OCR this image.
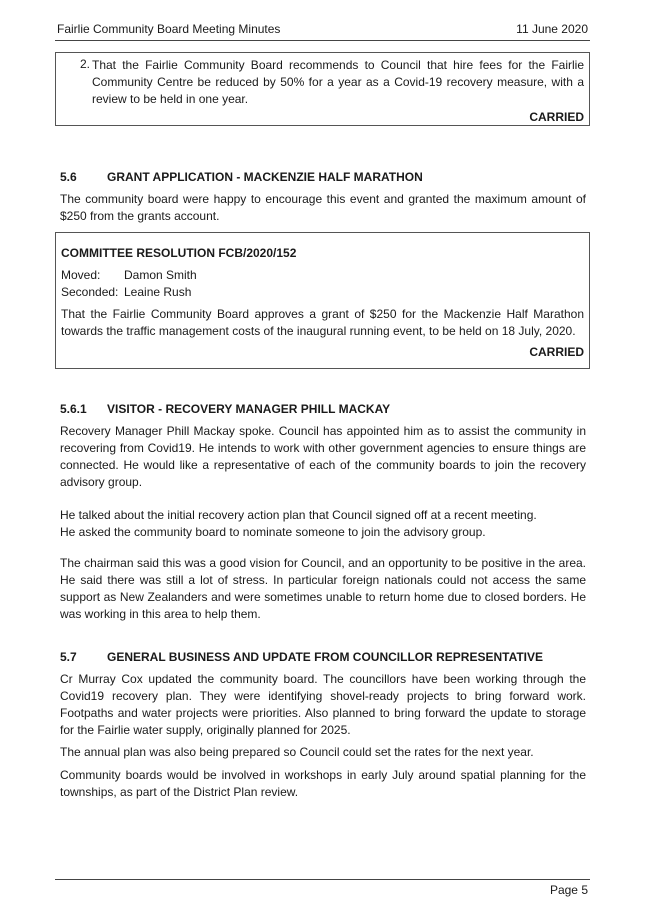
Fairlie Community Board Meeting Minutes	11 June 2020
2. That the Fairlie Community Board recommends to Council that hire fees for the Fairlie Community Centre be reduced by 50% for a year as a Covid-19 recovery measure, with a review to be held in one year.

CARRIED

5.6	GRANT APPLICATION - MACKENZIE HALF MARATHON

The community board were happy to encourage this event and granted the maximum amount of $250 from the grants account.

COMMITTEE RESOLUTION FCB/2020/152

Moved:	Damon Smith
Seconded: Leaine Rush

That the Fairlie Community Board approves a grant of $250 for the Mackenzie Half Marathon towards the traffic management costs of the inaugural running event, to be held on 18 July, 2020.

CARRIED

5.6.1 VISITOR - RECOVERY MANAGER PHILL MACKAY

Recovery Manager Phill Mackay spoke. Council has appointed him as to assist the community in recovering from Covid19. He intends to work with other government agencies to ensure things are connected. He would like a representative of each of the community boards to join the recovery advisory group.

He talked about the initial recovery action plan that Council signed off at a recent meeting.

He asked the community board to nominate someone to join the advisory group.

The chairman said this was a good vision for Council, and an opportunity to be positive in the area. He said there was still a lot of stress. In particular foreign nationals could not access the same support as New Zealanders and were sometimes unable to return home due to closed borders. He was working in this area to help them.

5.7	GENERAL BUSINESS AND UPDATE FROM COUNCILLOR REPRESENTATIVE

Cr Murray Cox updated the community board. The councillors have been working through the Covid19 recovery plan. They were identifying shovel-ready projects to bring forward work. Footpaths and water projects were priorities. Also planned to bring forward the update to storage for the Fairlie water supply, originally planned for 2025.

The annual plan was also being prepared so Council could set the rates for the next year.

Community boards would be involved in workshops in early July around spatial planning for the townships, as part of the District Plan review.

Page 5
